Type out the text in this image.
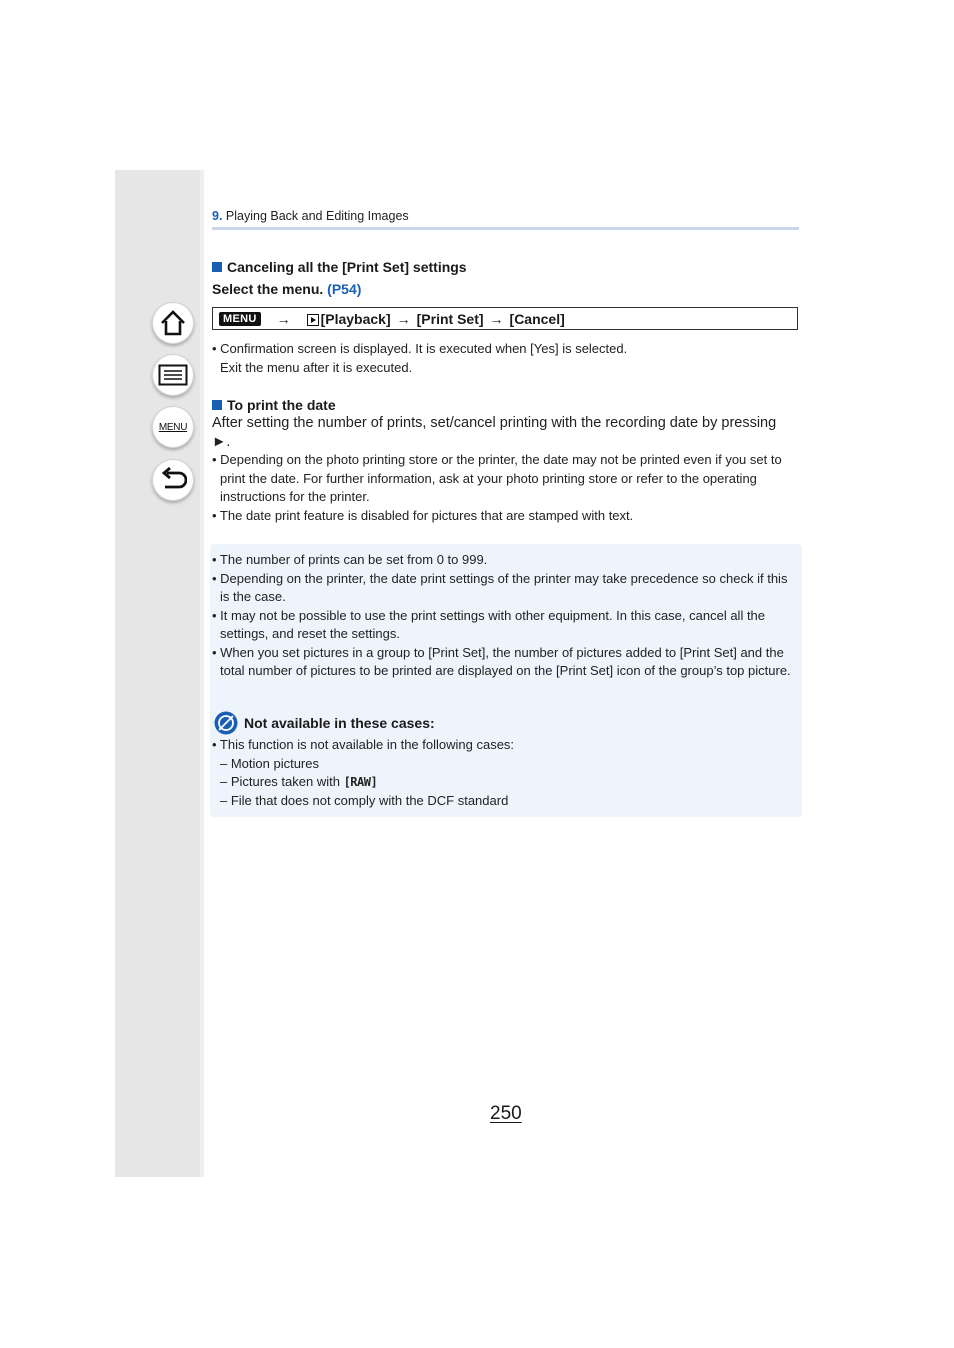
MENU
9. Playing Back and Editing Images
Canceling all the [Print Set] settings
Select the menu.
(P54)
MENU → [Playback] → [Print Set] → [Cancel]
• Confirmation screen is displayed. It is executed when [Yes] is selected.
Exit the menu after it is executed.
To print the date
After setting the number of prints, set/cancel printing with the recording date by pressing ►.
• Depending on the photo printing store or the printer, the date may not be printed even if you set to print the date. For further information, ask at your photo printing store or refer to the operating instructions for the printer.
• The date print feature is disabled for pictures that are stamped with text.
• The number of prints can be set from 0 to 999.
• Depending on the printer, the date print settings of the printer may take precedence so check if this is the case.
• It may not be possible to use the print settings with other equipment. In this case, cancel all the settings, and reset the settings.
• When you set pictures in a group to [Print Set], the number of pictures added to [Print Set] and the total number of pictures to be printed are displayed on the [Print Set] icon of the group’s top picture.
Not available in these cases:
• This function is not available in the following cases:
– Motion pictures
– Pictures taken with [RAW]
– File that does not comply with the DCF standard
250
